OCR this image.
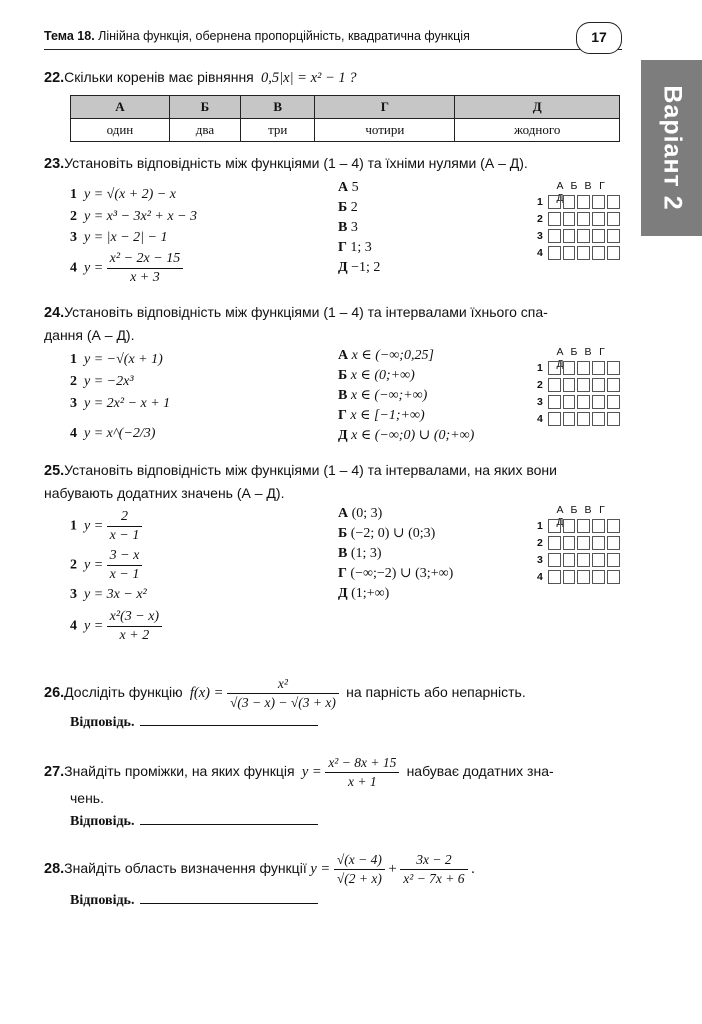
Тема 18. Лінійна функція, обернена пропорційність, квадратична функція	17
Варіант 2
22.Скільки коренів має рівняння 0,5|x| = x² − 1 ?
А	Б	В	Г	Д
один	два	три	чотири	жодного
23.Установіть відповідність між функціями (1 – 4) та їхніми нулями (А – Д).
1 y = √(x + 2) − x
2 y = x³ − 3x² + x − 3
3 y = |x − 2| − 1
4 $y = \frac{\text{x² − 2x − 15}}{x + 3}$
А 5
Б 2
В 3
Г 1; 3
Д −1; 2
А Б В ГД
1
2
3
4
24.Установіть відповідність між функціями (1 – 4) та інтервалами їхнього спа-
дання (А – Д).
1 y = −√(x + 1)
2 y = −2x³
3 y = 2x² − x + 1
4 y = x^(−2/3)
А x ∈ (−∞;0,25]
Б x ∈ (0;+∞)
В x ∈ (−∞;+∞)
Г x ∈ [−1;+∞)
Д x ∈ (−∞;0) ∪ (0;+∞)
А Б В ГД
1
2
3
4
25.Установіть відповідність між функціями (1 – 4) та інтервалами, на яких вони
набувають додатних значень (А – Д).
1 $y = \frac{2}{x - 1}$
2 $y = \frac{3 - x}{x - 1}$
3 y = 3x − x²
4 $y = \frac{\text{x²(3 − x)}}{x + 2}$
А (0; 3)
Б (−2; 0) ∪ (0;3)
В (1; 3)
Г (−∞;−2) ∪ (3;+∞)
Д (1;+∞)
А Б В ГД
1
2
3
4
26.Дослідіть функцію $f(x) = \frac{\text{x²}}{√(3 - x) - √(3 + x)}$ на парність або непарність.
Відповідь.
27.Знайдіть проміжки, на яких функція $y = \frac{\text{x² − 8x + 15}}{x + 1}$ набуває додатних зна-
чень.
Відповідь.
28.Знайдіть область визначення функції $y = \frac{√(x - 4)}{√(2 + x)} + \frac{3x - 2}{\text{x² − 7x + 6}}$ .
Відповідь.
